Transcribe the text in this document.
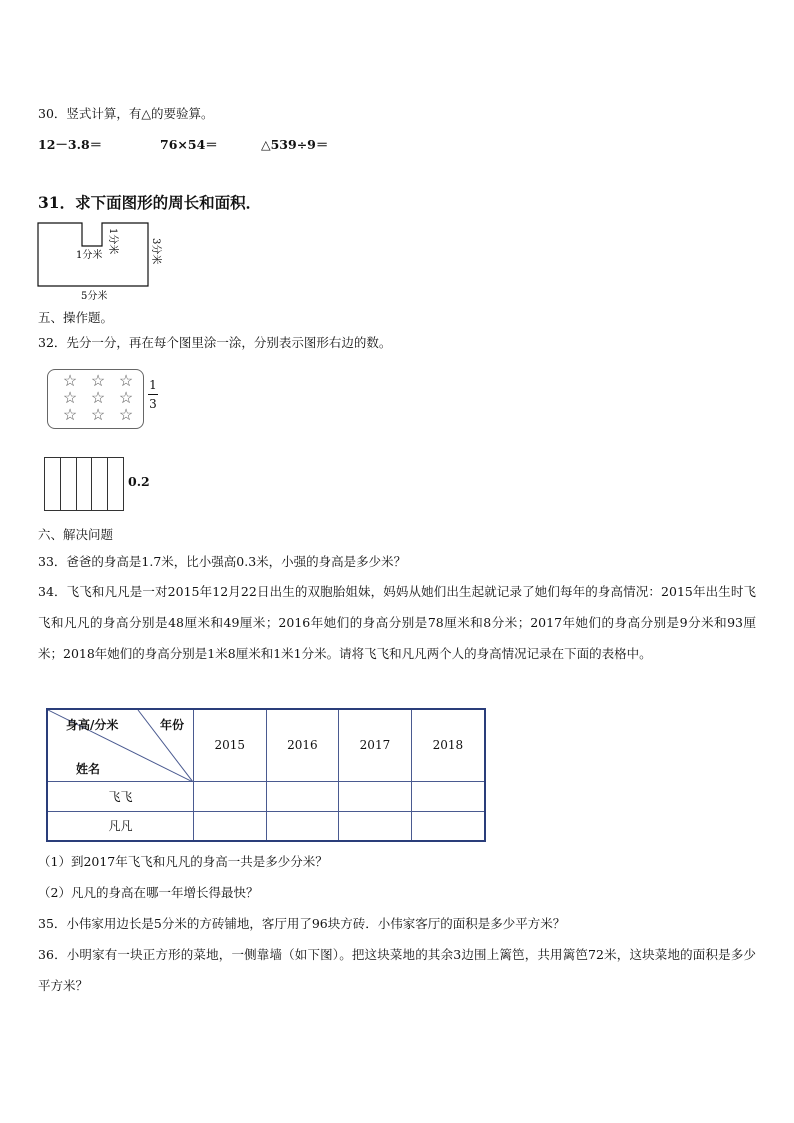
30．竖式计算，有△的要验算。
12－3.8＝	76×54＝	△539÷9＝
31．求下面图形的周长和面积．
1分米
1分米	3分米
5分米
五、操作题。
32．先分一分，再在每个图里涂一涂，分别表示图形右边的数。
☆ ☆ ☆
☆ ☆ ☆
☆ ☆ ☆
1
3
0.2
六、解决问题
33．爸爸的身高是1.7米，比小强高0.3米，小强的身高是多少米？
34．飞飞和凡凡是一对2015年12月22日出生的双胞胎姐妹，妈妈从她们出生起就记录了她们每年的身高情况：2015年出生时飞飞和凡凡的身高分别是48厘米和49厘米；2016年她们的身高分别是78厘米和8分米；2017年她们的身高分别是9分米和93厘米；2018年她们的身高分别是1米8厘米和1米1分米。请将飞飞和凡凡两个人的身高情况记录在下面的表格中。
身高/分米 年份
姓名	2015	2016	2017	2018
飞飞				
凡凡				
（1）到2017年飞飞和凡凡的身高一共是多少分米？
（2）凡凡的身高在哪一年增长得最快？
35．小伟家用边长是5分米的方砖铺地，客厅用了96块方砖．小伟家客厅的面积是多少平方米？
36．小明家有一块正方形的菜地，一侧靠墙（如下图）。把这块菜地的其余3边围上篱笆，共用篱笆72米，这块菜地的面积是多少平方米？
